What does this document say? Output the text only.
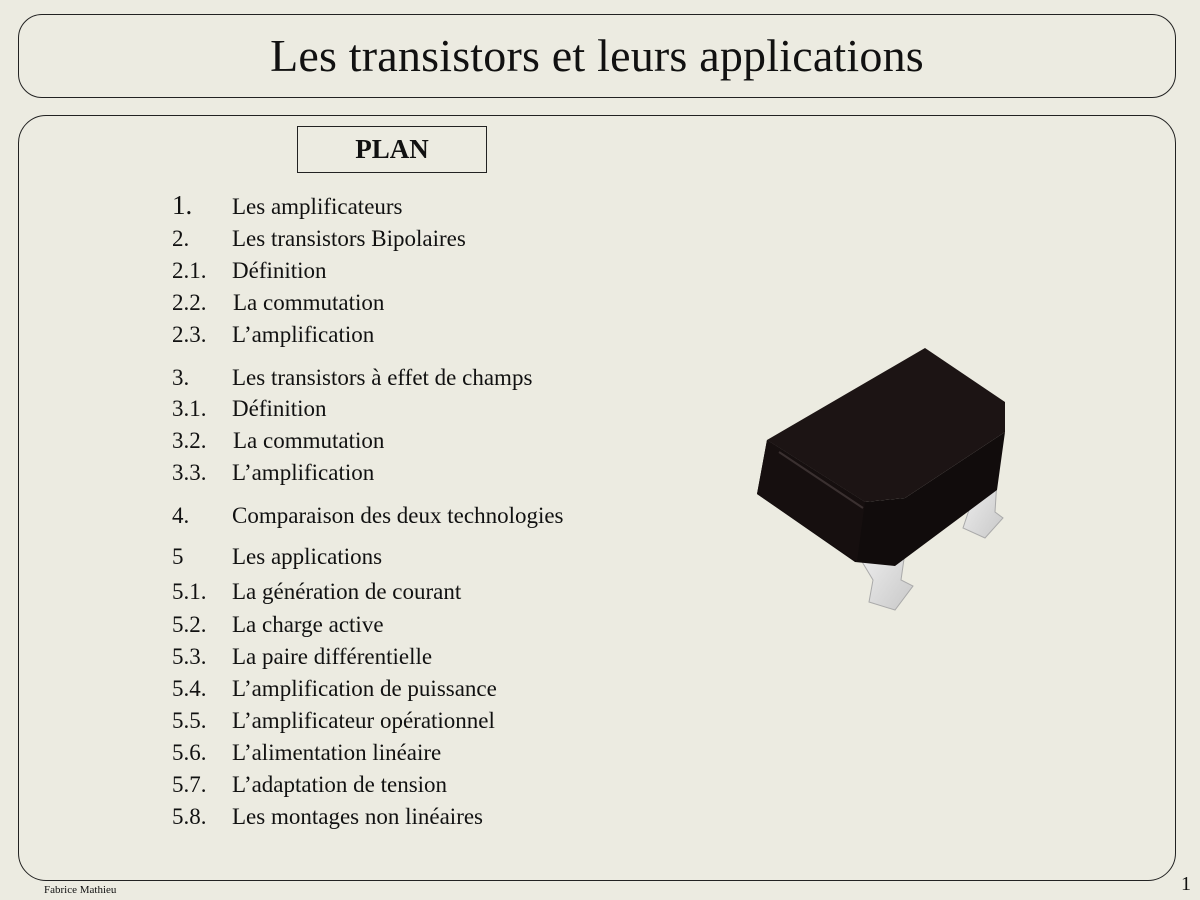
Les transistors et leurs applications
PLAN
1. Les amplificateurs
2. Les transistors Bipolaires
2.1. Définition
2.2. La commutation
2.3. L’amplification
3. Les transistors à effet de champs
3.1. Définition
3.2. La commutation
3.3. L’amplification
4. Comparaison des deux technologies
5 Les applications
5.1. La génération de courant
5.2. La charge active
5.3. La paire différentielle
5.4. L’amplification de puissance
5.5. L’amplificateur opérationnel
5.6. L’alimentation linéaire
5.7. L’adaptation de tension
5.8. Les montages non linéaires
Fabrice Mathieu	1
